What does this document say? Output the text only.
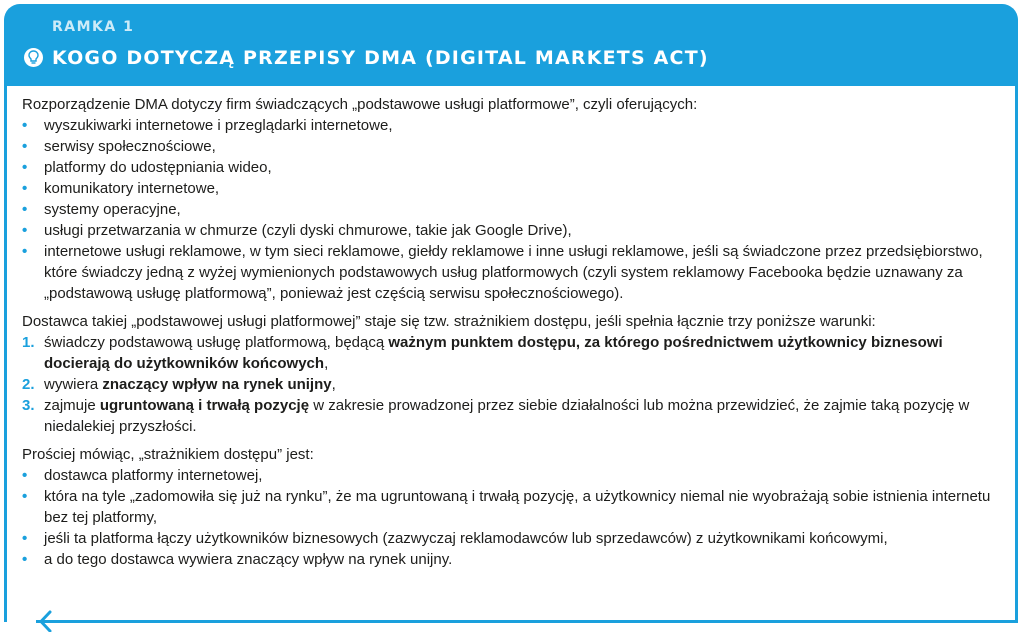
RAMKA 1
KOGO DOTYCZĄ PRZEPISY DMA (DIGITAL MARKETS ACT)

Rozporządzenie DMA dotyczy firm świadczących „podstawowe usługi platformowe”, czyli oferujących:

• wyszukiwarki internetowe i przeglądarki internetowe,
• serwisy społecznościowe,
• platformy do udostępniania wideo,
• komunikatory internetowe,
• systemy operacyjne,
• usługi przetwarzania w chmurze (czyli dyski chmurowe, takie jak Google Drive),
• internetowe usługi reklamowe, w tym sieci reklamowe, giełdy reklamowe i inne usługi reklamowe, jeśli są świadczone przez przedsiębiorstwo, które świadczy jedną z wyżej wymienionych podstawowych usług platformowych (czyli system reklamowy Facebooka będzie uznawany za „podstawową usługę platformową”, ponieważ jest częścią serwisu społecznościowego).

Dostawca takiej „podstawowej usługi platformowej” staje się tzw. strażnikiem dostępu, jeśli spełnia łącznie trzy poniższe warunki:

1. świadczy podstawową usługę platformową, będącą ważnym punktem dostępu, za którego pośrednictwem użytkownicy biznesowi docierają do użytkowników końcowych,
2. wywiera znaczący wpływ na rynek unijny,
3. zajmuje ugruntowaną i trwałą pozycję w zakresie prowadzonej przez siebie działalności lub można przewidzieć, że zajmie taką pozycję w niedalekiej przyszłości.

Prościej mówiąc, „strażnikiem dostępu” jest:

• dostawca platformy internetowej,
• która na tyle „zadomowiła się już na rynku”, że ma ugruntowaną i trwałą pozycję, a użytkownicy niemal nie wyobrażają sobie istnienia internetu bez tej platformy,
• jeśli ta platforma łączy użytkowników biznesowych (zazwyczaj reklamodawców lub sprzedawców) z użytkownikami końcowymi,
• a do tego dostawca wywiera znaczący wpływ na rynek unijny.
